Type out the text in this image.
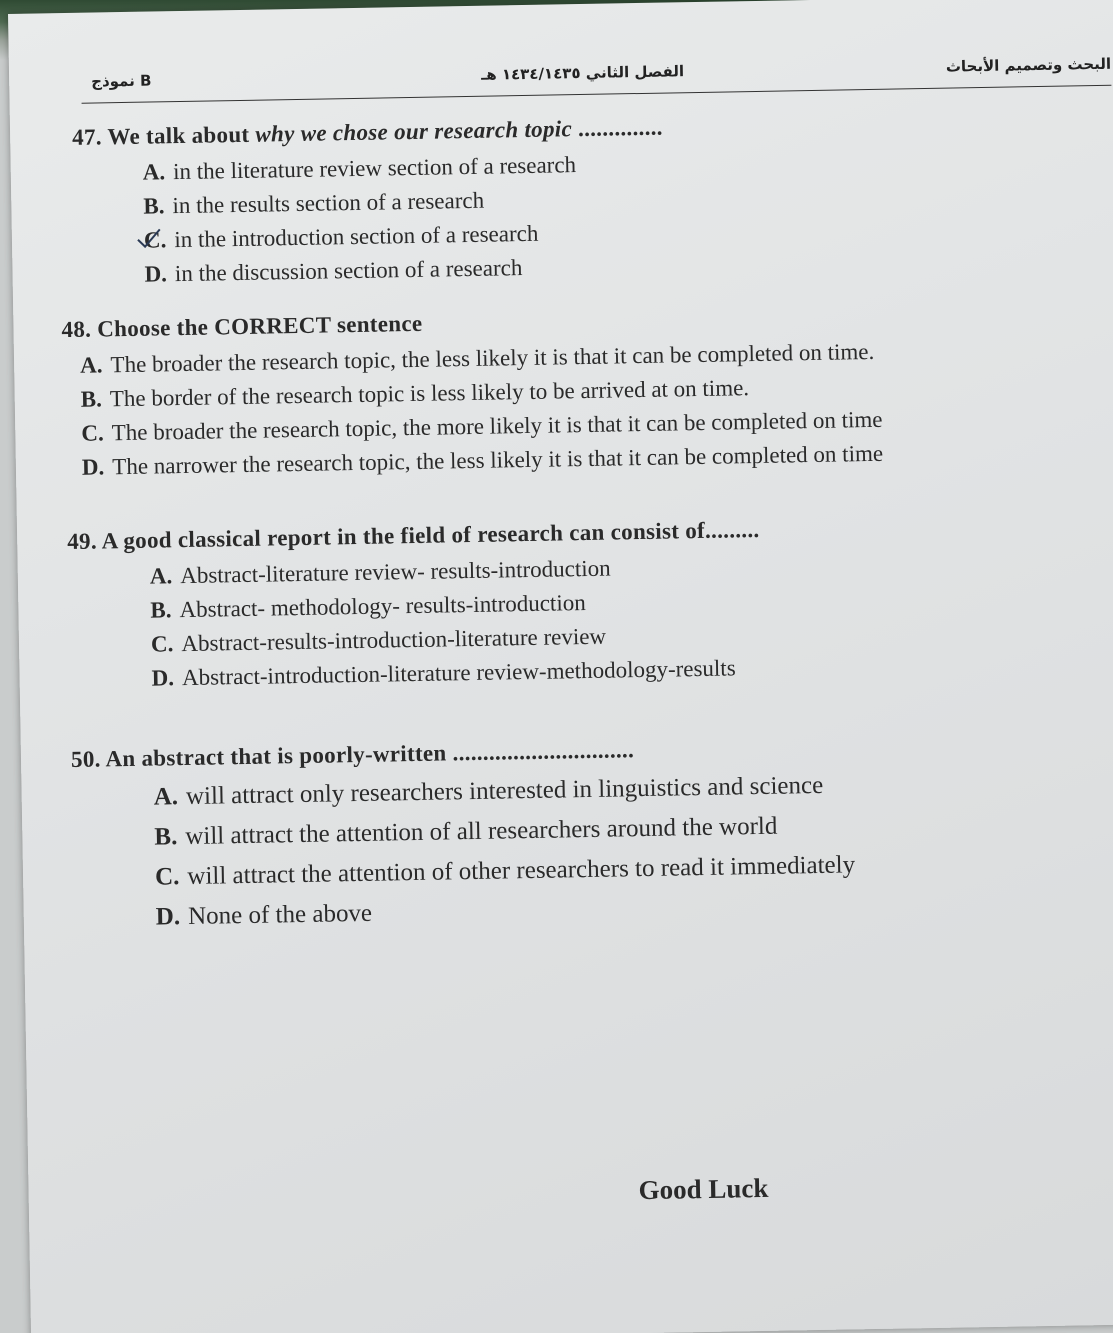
نموذج B	الفصل الثاني ١٤٣٤/١٤٣٥ هـ	البحث وتصميم الأبحاث
47. We talk about why we chose our research topic ..............
A. in the literature review section of a research
B. in the results section of a research
C. in the introduction section of a research
D. in the discussion section of a research
48. Choose the CORRECT sentence
A. The broader the research topic, the less likely it is that it can be completed on time.
B. The border of the research topic is less likely to be arrived at on time.
C. The broader the research topic, the more likely it is that it can be completed on time
D. The narrower the research topic, the less likely it is that it can be completed on time
49. A good classical report in the field of research can consist of.........
A. Abstract-literature review- results-introduction
B. Abstract- methodology- results-introduction
C. Abstract-results-introduction-literature review
D. Abstract-introduction-literature review-methodology-results
50. An abstract that is poorly-written ..............................
A. will attract only researchers interested in linguistics and science
B. will attract the attention of all researchers around the world
C. will attract the attention of other researchers to read it immediately
D. None of the above
Good Luck
